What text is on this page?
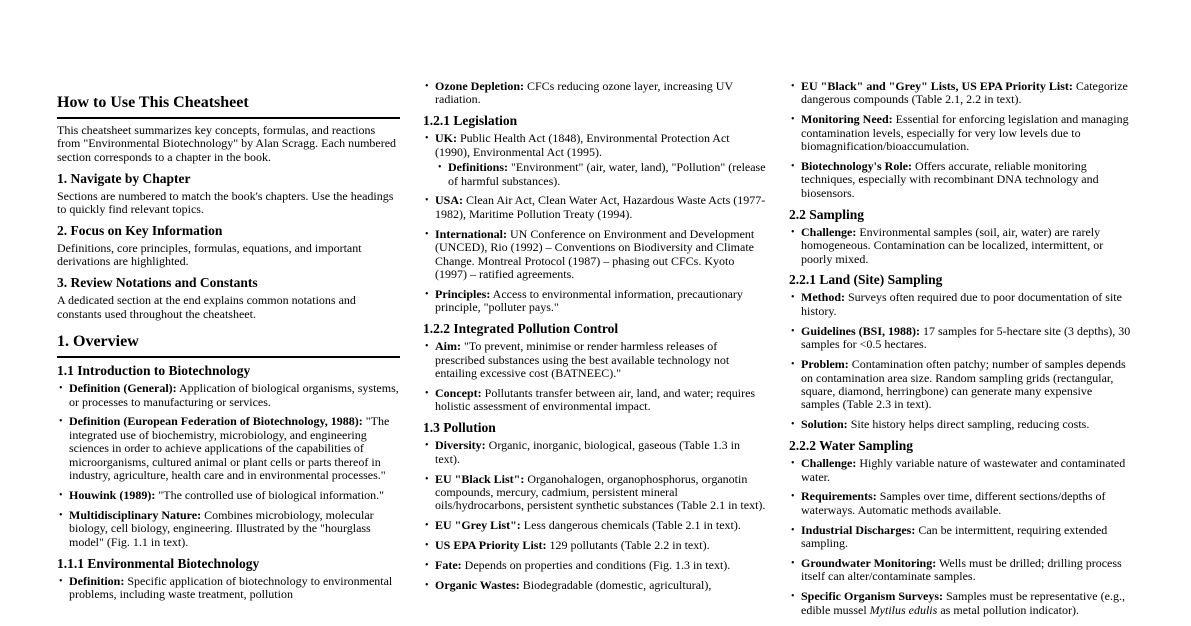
How to Use This Cheatsheet
This cheatsheet summarizes key concepts, formulas, and reactions from "Environmental Biotechnology" by Alan Scragg. Each numbered section corresponds to a chapter in the book.
1. Navigate by Chapter
Sections are numbered to match the book's chapters. Use the headings to quickly find relevant topics.
2. Focus on Key Information
Definitions, core principles, formulas, equations, and important derivations are highlighted.
3. Review Notations and Constants
A dedicated section at the end explains common notations and constants used throughout the cheatsheet.
1. Overview
1.1 Introduction to Biotechnology
• Definition (General): Application of biological organisms, systems, or processes to manufacturing or services.
• Definition (European Federation of Biotechnology, 1988): "The integrated use of biochemistry, microbiology, and engineering sciences in order to achieve applications of the capabilities of microorganisms, cultured animal or plant cells or parts thereof in industry, agriculture, health care and in environmental processes."
• Houwink (1989): "The controlled use of biological information."
• Multidisciplinary Nature: Combines microbiology, molecular biology, cell biology, engineering. Illustrated by the "hourglass model" (Fig. 1.1 in text).
1.1.1 Environmental Biotechnology
• Definition: Specific application of biotechnology to environmental problems, including waste treatment, pollution
• Ozone Depletion: CFCs reducing ozone layer, increasing UV radiation.
1.2.1 Legislation
• UK: Public Health Act (1848), Environmental Protection Act (1990), Environmental Act (1995).
• Definitions: "Environment" (air, water, land), "Pollution" (release of harmful substances).
• USA: Clean Air Act, Clean Water Act, Hazardous Waste Acts (1977-1982), Maritime Pollution Treaty (1994).
• International: UN Conference on Environment and Development (UNCED), Rio (1992) – Conventions on Biodiversity and Climate Change. Montreal Protocol (1987) – phasing out CFCs. Kyoto (1997) – ratified agreements.
• Principles: Access to environmental information, precautionary principle, "polluter pays."
1.2.2 Integrated Pollution Control
• Aim: "To prevent, minimise or render harmless releases of prescribed substances using the best available technology not entailing excessive cost (BATNEEC)."
• Concept: Pollutants transfer between air, land, and water; requires holistic assessment of environmental impact.
1.3 Pollution
• Diversity: Organic, inorganic, biological, gaseous (Table 1.3 in text).
• EU "Black List": Organohalogen, organophosphorus, organotin compounds, mercury, cadmium, persistent mineral oils/hydrocarbons, persistent synthetic substances (Table 2.1 in text).
• EU "Grey List": Less dangerous chemicals (Table 2.1 in text).
• US EPA Priority List: 129 pollutants (Table 2.2 in text).
• Fate: Depends on properties and conditions (Fig. 1.3 in text).
• Organic Wastes: Biodegradable (domestic, agricultural),
• EU "Black" and "Grey" Lists, US EPA Priority List: Categorize dangerous compounds (Table 2.1, 2.2 in text).
• Monitoring Need: Essential for enforcing legislation and managing contamination levels, especially for very low levels due to biomagnification/bioaccumulation.
• Biotechnology's Role: Offers accurate, reliable monitoring techniques, especially with recombinant DNA technology and biosensors.
2.2 Sampling
• Challenge: Environmental samples (soil, air, water) are rarely homogeneous. Contamination can be localized, intermittent, or poorly mixed.
2.2.1 Land (Site) Sampling
• Method: Surveys often required due to poor documentation of site history.
• Guidelines (BSI, 1988): 17 samples for 5-hectare site (3 depths), 30 samples for <0.5 hectares.
• Problem: Contamination often patchy; number of samples depends on contamination area size. Random sampling grids (rectangular, square, diamond, herringbone) can generate many expensive samples (Table 2.3 in text).
• Solution: Site history helps direct sampling, reducing costs.
2.2.2 Water Sampling
• Challenge: Highly variable nature of wastewater and contaminated water.
• Requirements: Samples over time, different sections/depths of waterways. Automatic methods available.
• Industrial Discharges: Can be intermittent, requiring extended sampling.
• Groundwater Monitoring: Wells must be drilled; drilling process itself can alter/contaminate samples.
• Specific Organism Surveys: Samples must be representative (e.g., edible mussel Mytilus edulis as metal pollution indicator).
